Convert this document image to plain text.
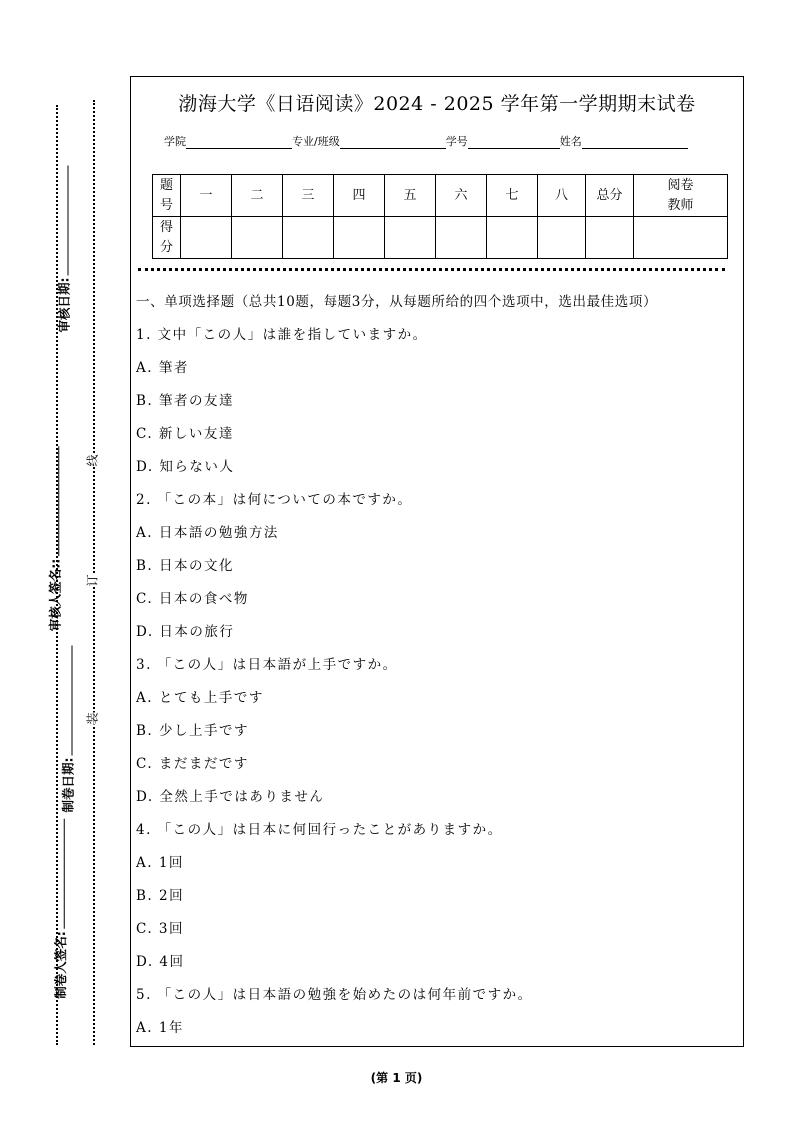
审核日期:
审核人签名::
制卷日期:
制卷人签名:
线
订
装
渤海大学《日语阅读》2024 - 2025 学年第一学期期末试卷
学院	专业/班级	学号	姓名
题号	一	二	三	四	五	六	七	八	总分	阅卷教师

得分										

一、单项选择题（总共10题，每题3分，从每题所给的四个选项中，选出最佳选项）
1. 文中「この人」は誰を指していますか。
A. 筆者
B. 筆者の友達
C. 新しい友達
D. 知らない人
2. 「この本」は何についての本ですか。
A. 日本語の勉強方法
B. 日本の文化
C. 日本の食べ物
D. 日本の旅行
3. 「この人」は日本語が上手ですか。
A. とても上手です
B. 少し上手です
C. まだまだです
D. 全然上手ではありません
4. 「この人」は日本に何回行ったことがありますか。
A. 1回
B. 2回
C. 3回
D. 4回
5. 「この人」は日本語の勉強を始めたのは何年前ですか。
A. 1年
(第 1 页)
